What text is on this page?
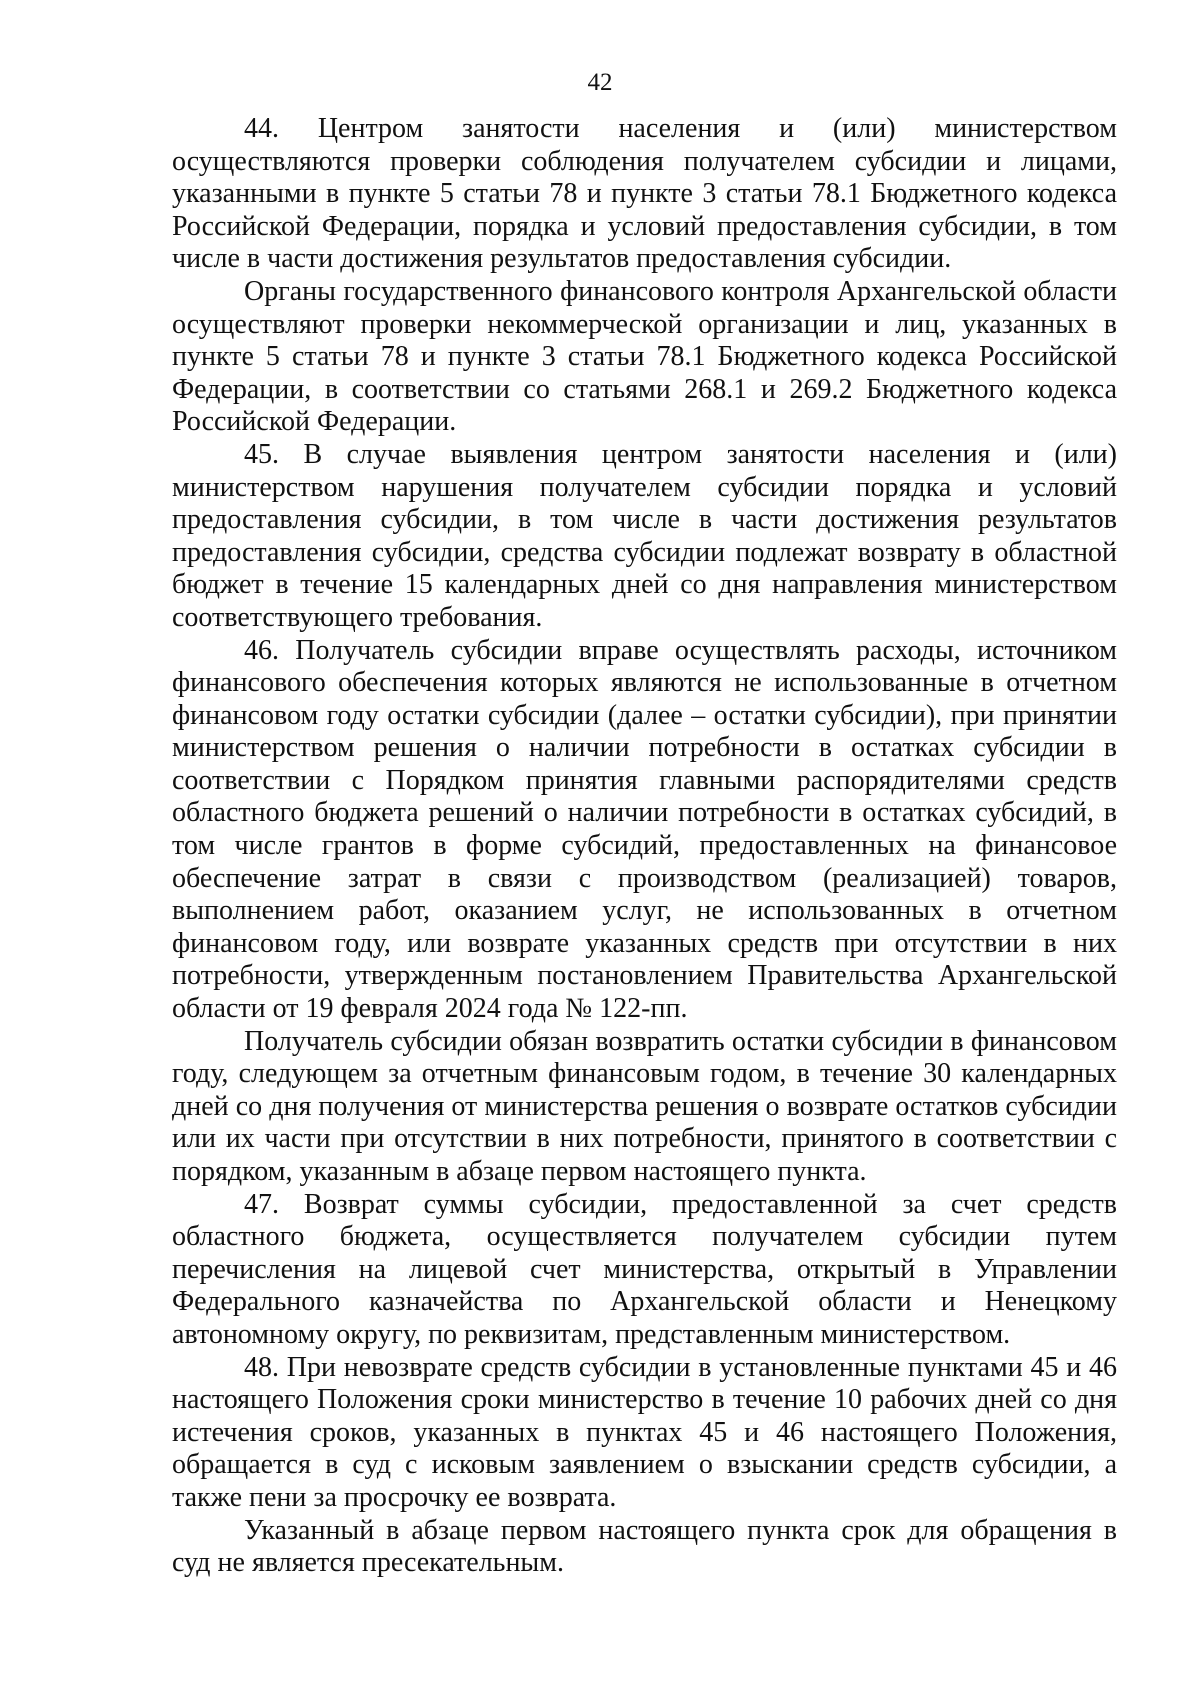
42

44. Центром занятости населения и (или) министерством осуществляются проверки соблюдения получателем субсидии и лицами, указанными в пункте 5 статьи 78 и пункте 3 статьи 78.1 Бюджетного кодекса Российской Федерации, порядка и условий предоставления субсидии, в том числе в части достижения результатов предоставления субсидии.

Органы государственного финансового контроля Архангельской области осуществляют проверки некоммерческой организации и лиц, указанных в пункте 5 статьи 78 и пункте 3 статьи 78.1 Бюджетного кодекса Российской Федерации, в соответствии со статьями 268.1 и 269.2 Бюджетного кодекса Российской Федерации.

45. В случае выявления центром занятости населения и (или) министерством нарушения получателем субсидии порядка и условий предоставления субсидии, в том числе в части достижения результатов предоставления субсидии, средства субсидии подлежат возврату в областной бюджет в течение 15 календарных дней со дня направления министерством соответствующего требования.

46. Получатель субсидии вправе осуществлять расходы, источником финансового обеспечения которых являются не использованные в отчетном финансовом году остатки субсидии (далее – остатки субсидии), при принятии министерством решения о наличии потребности в остатках субсидии в соответствии с Порядком принятия главными распорядителями средств областного бюджета решений о наличии потребности в остатках субсидий, в том числе грантов в форме субсидий, предоставленных на финансовое обеспечение затрат в связи с производством (реализацией) товаров, выполнением работ, оказанием услуг, не использованных в отчетном финансовом году, или возврате указанных средств при отсутствии в них потребности, утвержденным постановлением Правительства Архангельской области от 19 февраля 2024 года № 122-пп.

Получатель субсидии обязан возвратить остатки субсидии в финансовом году, следующем за отчетным финансовым годом, в течение 30 календарных дней со дня получения от министерства решения о возврате остатков субсидии или их части при отсутствии в них потребности, принятого в соответствии с порядком, указанным в абзаце первом настоящего пункта.

47. Возврат суммы субсидии, предоставленной за счет средств областного бюджета, осуществляется получателем субсидии путем перечисления на лицевой счет министерства, открытый в Управлении Федерального казначейства по Архангельской области и Ненецкому автономному округу, по реквизитам, представленным министерством.

48. При невозврате средств субсидии в установленные пунктами 45 и 46 настоящего Положения сроки министерство в течение 10 рабочих дней со дня истечения сроков, указанных в пунктах 45 и 46 настоящего Положения, обращается в суд с исковым заявлением о взыскании средств субсидии, а также пени за просрочку ее возврата.

Указанный в абзаце первом настоящего пункта срок для обращения в суд не является пресекательным.
